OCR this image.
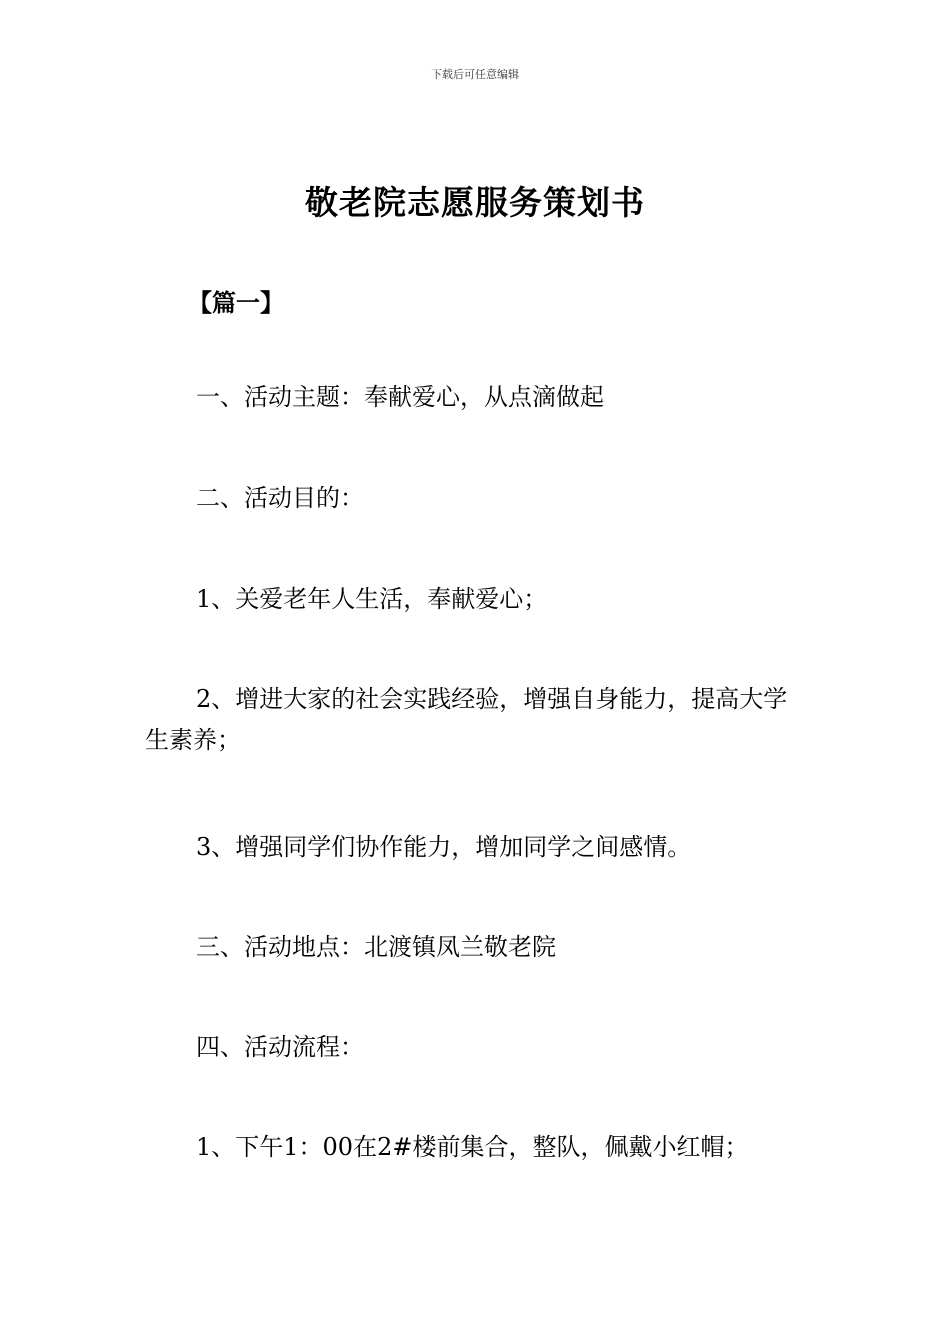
下载后可任意编辑
敬老院志愿服务策划书
【篇一】

一、活动主题：奉献爱心，从点滴做起

二、活动目的：

1、关爱老年人生活，奉献爱心；

2、增进大家的社会实践经验，增强自身能力，提高大学生素养；

3、增强同学们协作能力，增加同学之间感情。

三、活动地点：北渡镇凤兰敬老院

四、活动流程：

1、下午1：00在2#楼前集合，整队，佩戴小红帽；
